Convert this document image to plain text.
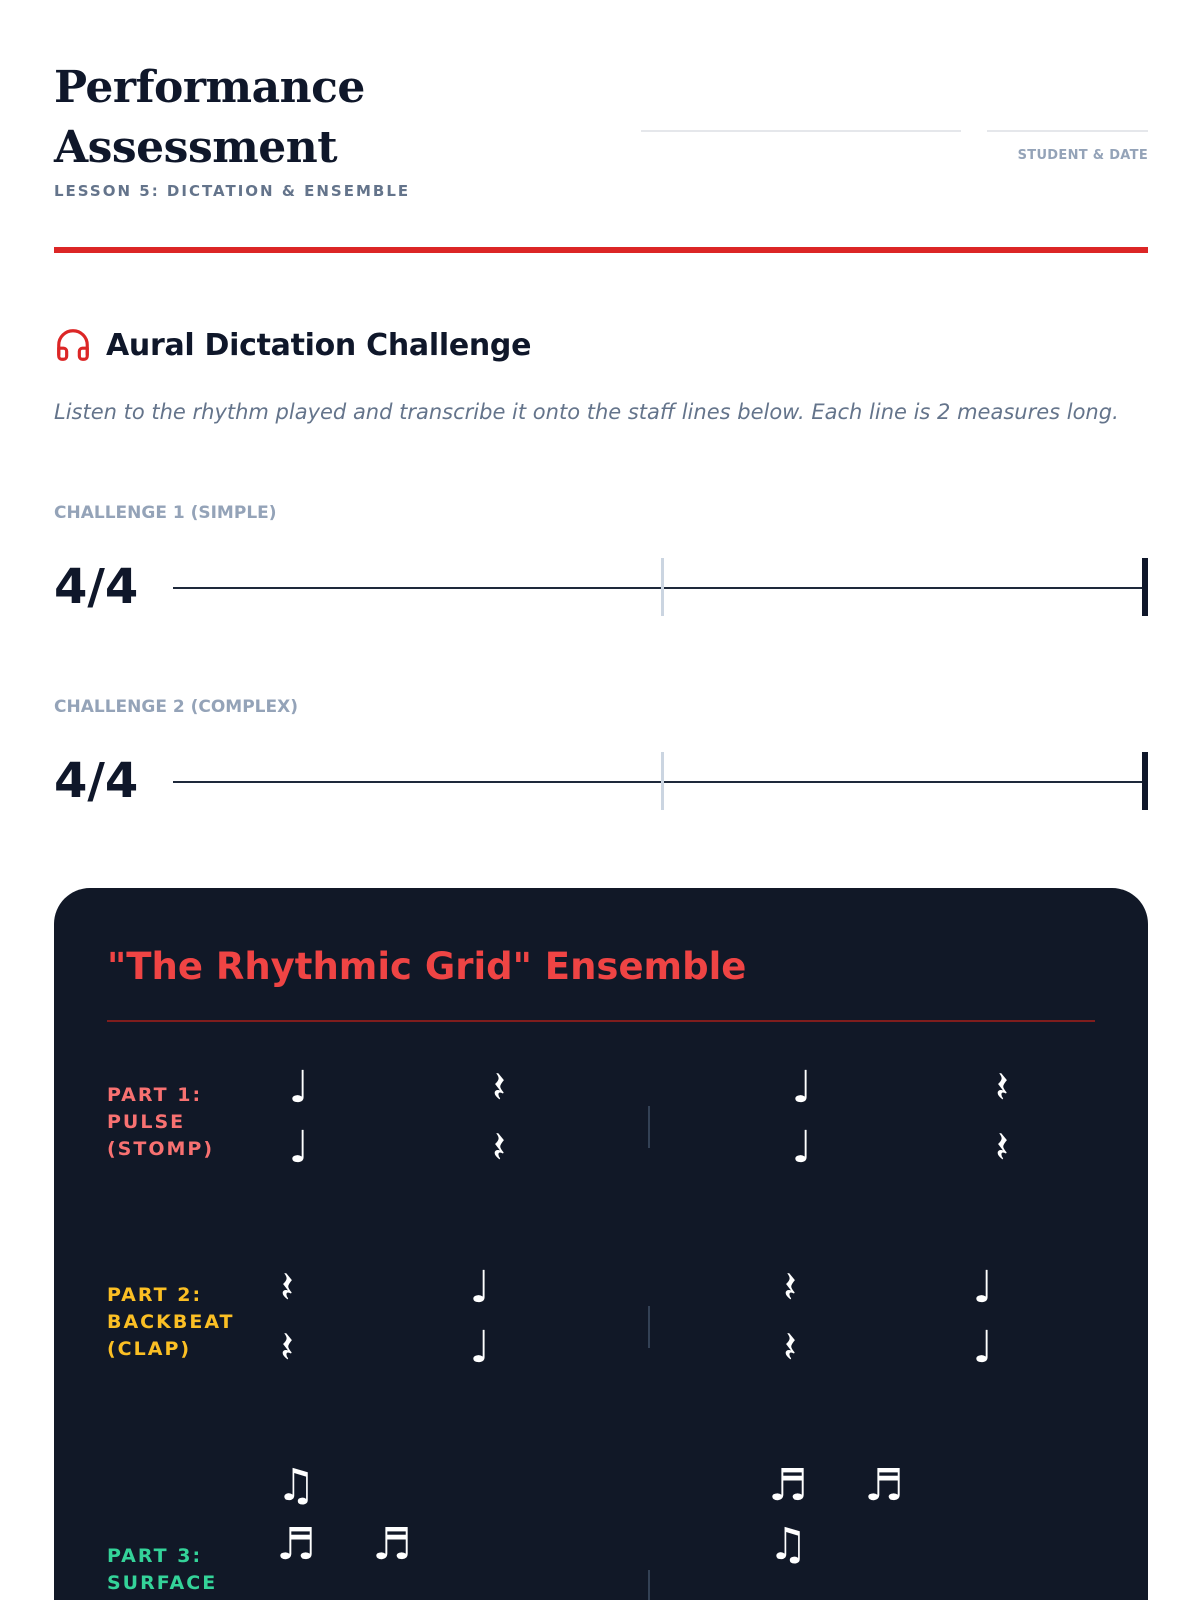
Performance Assessment
LESSON 5: DICTATION & ENSEMBLE
STUDENT & DATE
Aural Dictation Challenge

Listen to the rhythm played and transcribe it onto the staff lines below. Each line is 2 measures long.

CHALLENGE 1 (SIMPLE)
4/4
CHALLENGE 2 (COMPLEX)
4/4
"The Rhythmic Grid" Ensemble
PART 1:
PULSE
(STOMP)
♩	𝄽	♩	𝄽
♩	𝄽	♩	𝄽
PART 2:
BACKBEAT
(CLAP)
𝄽	♩	𝄽	♩
𝄽	♩	𝄽	♩
PART 3:
SURFACE
♫	♬ ♬
♬ ♬	♫
